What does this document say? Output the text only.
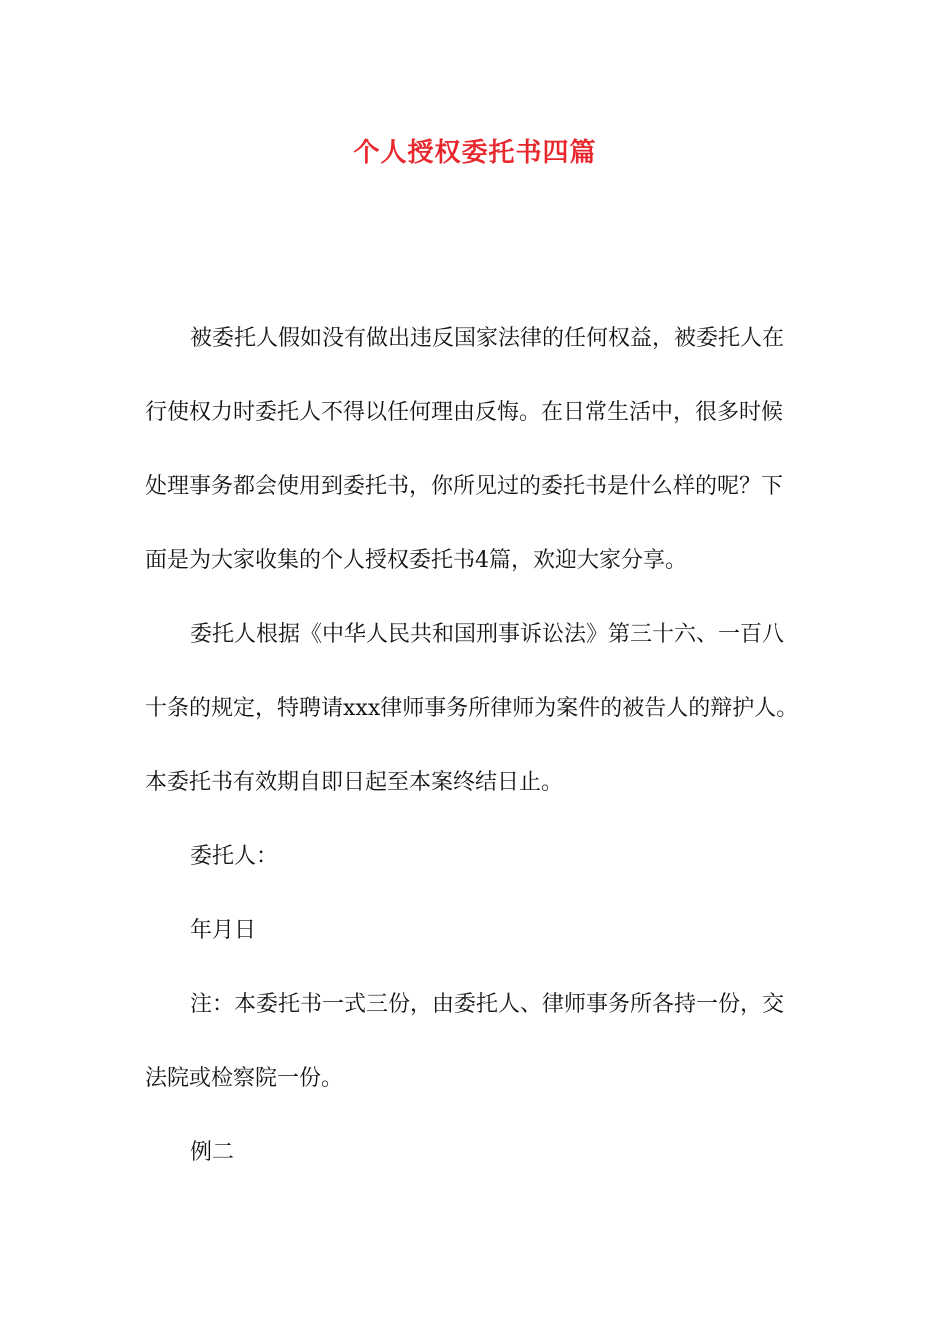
个人授权委托书四篇

被委托人假如没有做出违反国家法律的任何权益，被委托人在
行使权力时委托人不得以任何理由反悔。在日常生活中，很多时候
处理事务都会使用到委托书，你所见过的委托书是什么样的呢？下
面是为大家收集的个人授权委托书4篇，欢迎大家分享。

委托人根据《中华人民共和国刑事诉讼法》第三十六、一百八
十条的规定，特聘请xxx律师事务所律师为案件的被告人的辩护人。
本委托书有效期自即日起至本案终结日止。

委托人：

年月日

注：本委托书一式三份，由委托人、律师事务所各持一份，交
法院或检察院一份。

例二
